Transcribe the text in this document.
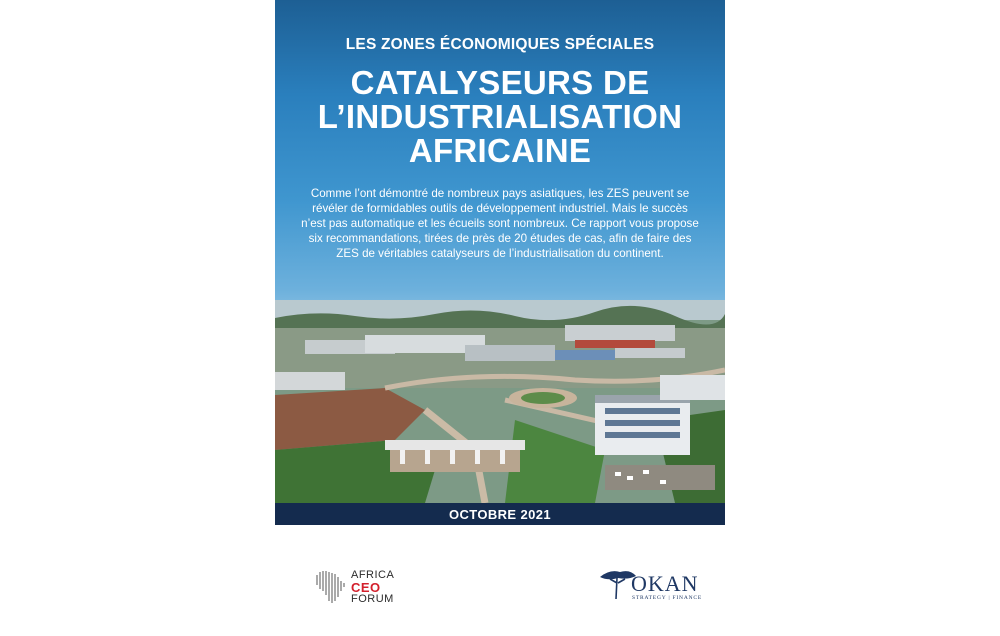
LES ZONES ÉCONOMIQUES SPÉCIALES
CATALYSEURS DE
L’INDUSTRIALISATION
AFRICAINE
Comme l’ont démontré de nombreux pays asiatiques, les ZES peuvent se révéler de formidables outils de développement industriel. Mais le succès n’est pas automatique et les écueils sont nombreux. Ce rapport vous propose six recommandations, tirées de près de 20 études de cas, afin de faire des ZES de véritables catalyseurs de l’industrialisation du continent.
OCTOBRE 2021
AFRICA
CEO
FORUM
OKAN
STRATEGY | FINANCE
